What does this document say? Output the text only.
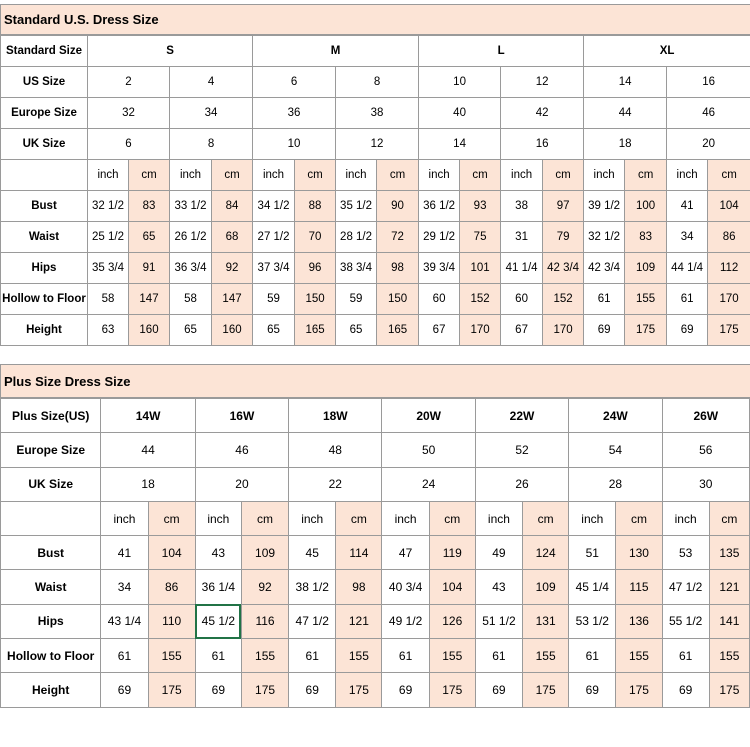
Standard U.S. Dress Size
Standard Size	S				M				L				XL			
US Size	2		4		6		8		10		12		14		16	
Europe Size	32		34		36		38		40		42		44		46	
UK Size	6		8		10		12		14		16		18		20	
	inch	cm	inch	cm	inch	cm	inch	cm	inch	cm	inch	cm	inch	cm	inch	cm
Bust	32 1/2	83	33 1/2	84	34 1/2	88	35 1/2	90	36 1/2	93	38	97	39 1/2	100	41	104
Waist	25 1/2	65	26 1/2	68	27 1/2	70	28 1/2	72	29 1/2	75	31	79	32 1/2	83	34	86
Hips	35 3/4	91	36 3/4	92	37 3/4	96	38 3/4	98	39 3/4	101	41 1/4	42 3/4	42 3/4	109	44 1/4	112
Hollow to Floor	58	147	58	147	59	150	59	150	60	152	60	152	61	155	61	170
Height	63	160	65	160	65	165	65	165	67	170	67	170	69	175	69	175
Plus Size Dress Size
Plus Size(US)	14W		16W		18W		20W		22W		24W		26W	
Europe Size	44		46		48		50		52		54		56	
UK Size	18		20		22		24		26		28		30	
	inch	cm	inch	cm	inch	cm	inch	cm	inch	cm	inch	cm	inch	cm
Bust	41	104	43	109	45	114	47	119	49	124	51	130	53	135
Waist	34	86	36 1/4	92	38 1/2	98	40 3/4	104	43	109	45 1/4	115	47 1/2	121
Hips	43 1/4	110	45 1/2	116	47 1/2	121	49 1/2	126	51 1/2	131	53 1/2	136	55 1/2	141
Hollow to Floor	61	155	61	155	61	155	61	155	61	155	61	155	61	155
Height	69	175	69	175	69	175	69	175	69	175	69	175	69	175
